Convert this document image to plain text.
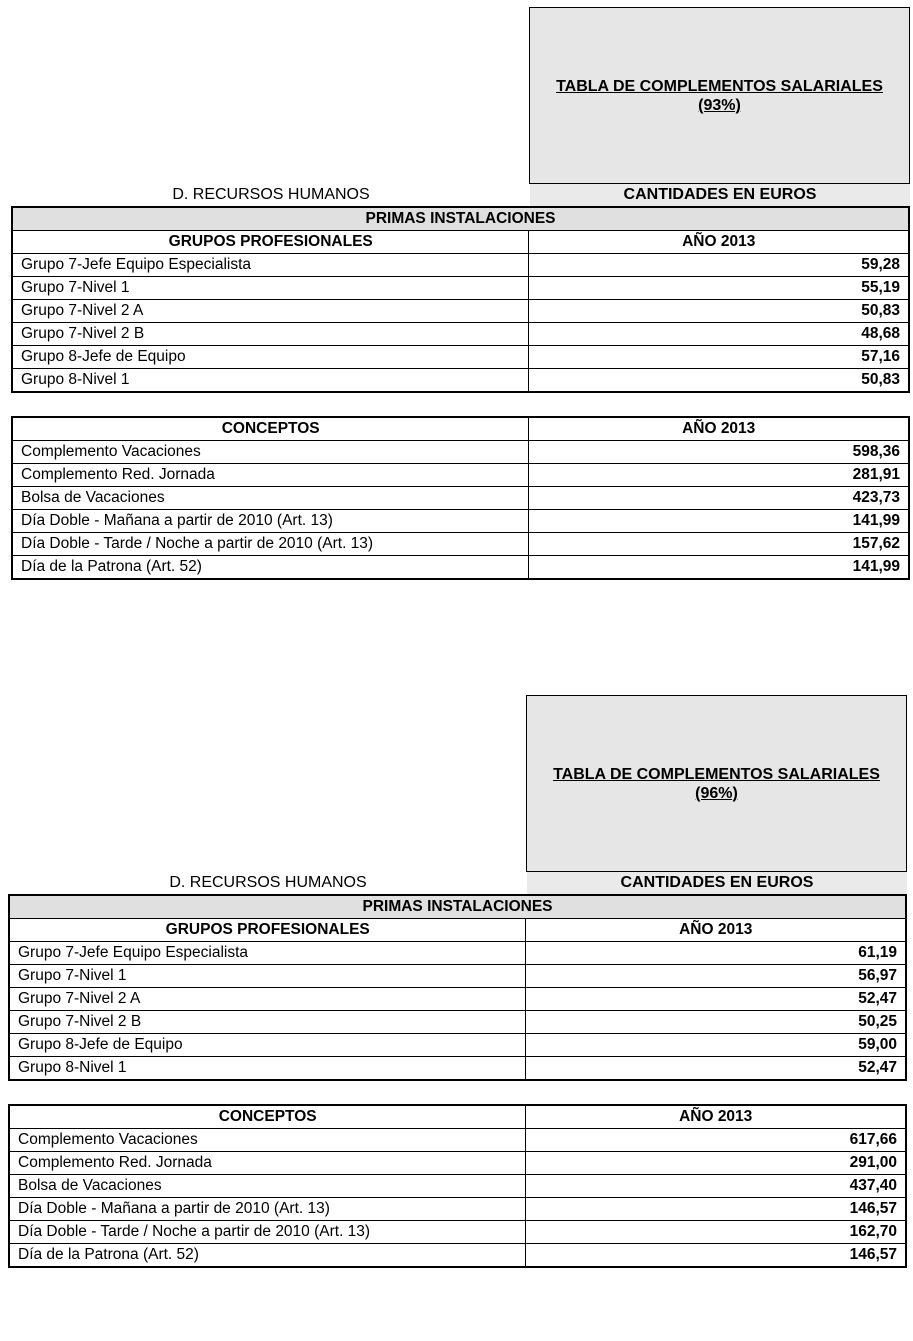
TABLA DE COMPLEMENTOS SALARIALES
(93%)
D. RECURSOS HUMANOS	CANTIDADES EN EUROS
PRIMAS INSTALACIONES	
GRUPOS PROFESIONALES	AÑO 2013
Grupo 7-Jefe Equipo Especialista	59,28
Grupo 7-Nivel 1	55,19
Grupo 7-Nivel 2 A	50,83
Grupo 7-Nivel 2 B	48,68
Grupo 8-Jefe de Equipo	57,16
Grupo 8-Nivel 1	50,83
CONCEPTOS	AÑO 2013
Complemento Vacaciones	598,36
Complemento Red. Jornada	281,91
Bolsa de Vacaciones	423,73
Día Doble - Mañana a partir de 2010 (Art. 13)	141,99
Día Doble - Tarde / Noche a partir de 2010 (Art. 13)	157,62
Día de la Patrona (Art. 52)	141,99
TABLA DE COMPLEMENTOS SALARIALES
(96%)
D. RECURSOS HUMANOS	CANTIDADES EN EUROS
PRIMAS INSTALACIONES	
GRUPOS PROFESIONALES	AÑO 2013
Grupo 7-Jefe Equipo Especialista	61,19
Grupo 7-Nivel 1	56,97
Grupo 7-Nivel 2 A	52,47
Grupo 7-Nivel 2 B	50,25
Grupo 8-Jefe de Equipo	59,00
Grupo 8-Nivel 1	52,47
CONCEPTOS	AÑO 2013
Complemento Vacaciones	617,66
Complemento Red. Jornada	291,00
Bolsa de Vacaciones	437,40
Día Doble - Mañana a partir de 2010 (Art. 13)	146,57
Día Doble - Tarde / Noche a partir de 2010 (Art. 13)	162,70
Día de la Patrona (Art. 52)	146,57
